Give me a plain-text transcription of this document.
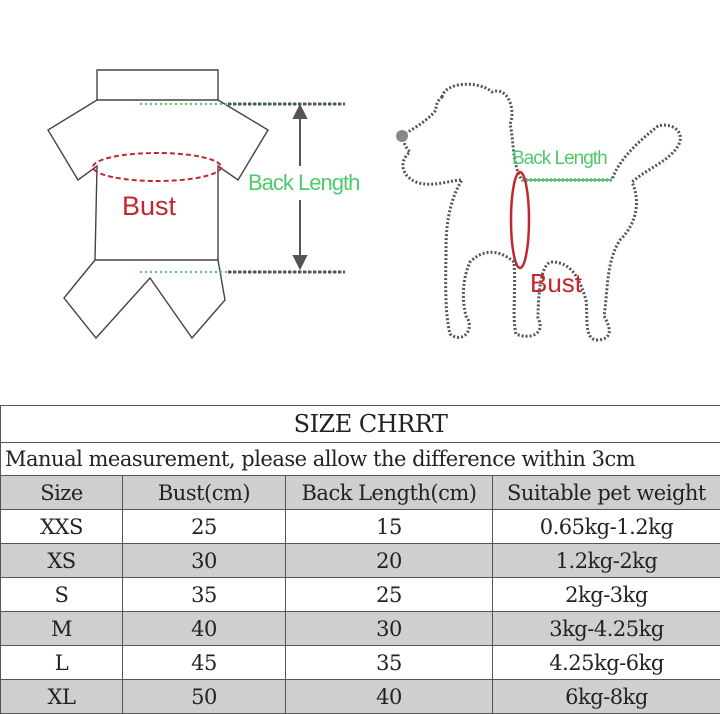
Bust
Back Length
Back Length
Bust
SIZE CHRRT			
Manual measurement, please allow the difference within 3cm			
Size	Bust(cm)	Back Length(cm)	Suitable pet weight
XXS	25	15	0.65kg-1.2kg
XS	30	20	1.2kg-2kg
S	35	25	2kg-3kg
M	40	30	3kg-4.25kg
L	45	35	4.25kg-6kg
XL	50	40	6kg-8kg
